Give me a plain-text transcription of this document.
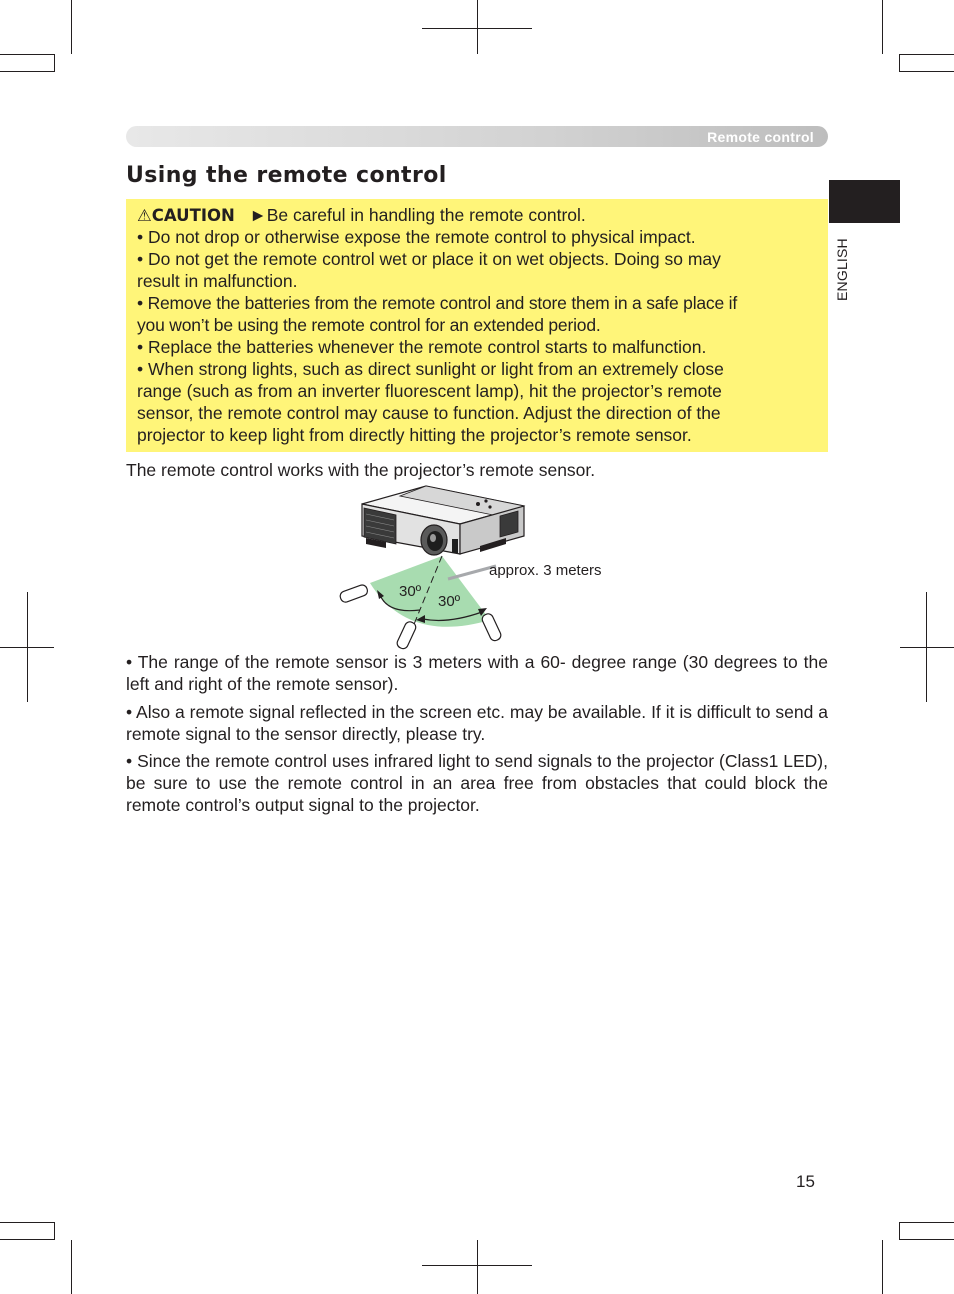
Remote control
ENGLISH
Using the remote control

⚠CAUTION ►Be careful in handling the remote control.

• Do not drop or otherwise expose the remote control to physical impact.

• Do not get the remote control wet or place it on wet objects. Doing so may

result in malfunction.

• Remove the batteries from the remote control and store them in a safe place if

you won’t be using the remote control for an extended period.

• Replace the batteries whenever the remote control starts to malfunction.

• When strong lights, such as direct sunlight or light from an extremely close

range (such as from an inverter fluorescent lamp), hit the projector’s remote

sensor, the remote control may cause to function. Adjust the direction of the

projector to keep light from directly hitting the projector’s remote sensor.

The remote control works with the projector’s remote sensor.

30º
30º
approx. 3 meters

• The range of the remote sensor is 3 meters with a 60- degree range (30 degrees to the left and right of the remote sensor).

• Also a remote signal reflected in the screen etc. may be available. If it is difficult to send a remote signal to the sensor directly, please try.

• Since the remote control uses infrared light to send signals to the projector (Class1 LED), be sure to use the remote control in an area free from obstacles that could block the remote control’s output signal to the projector.

15
